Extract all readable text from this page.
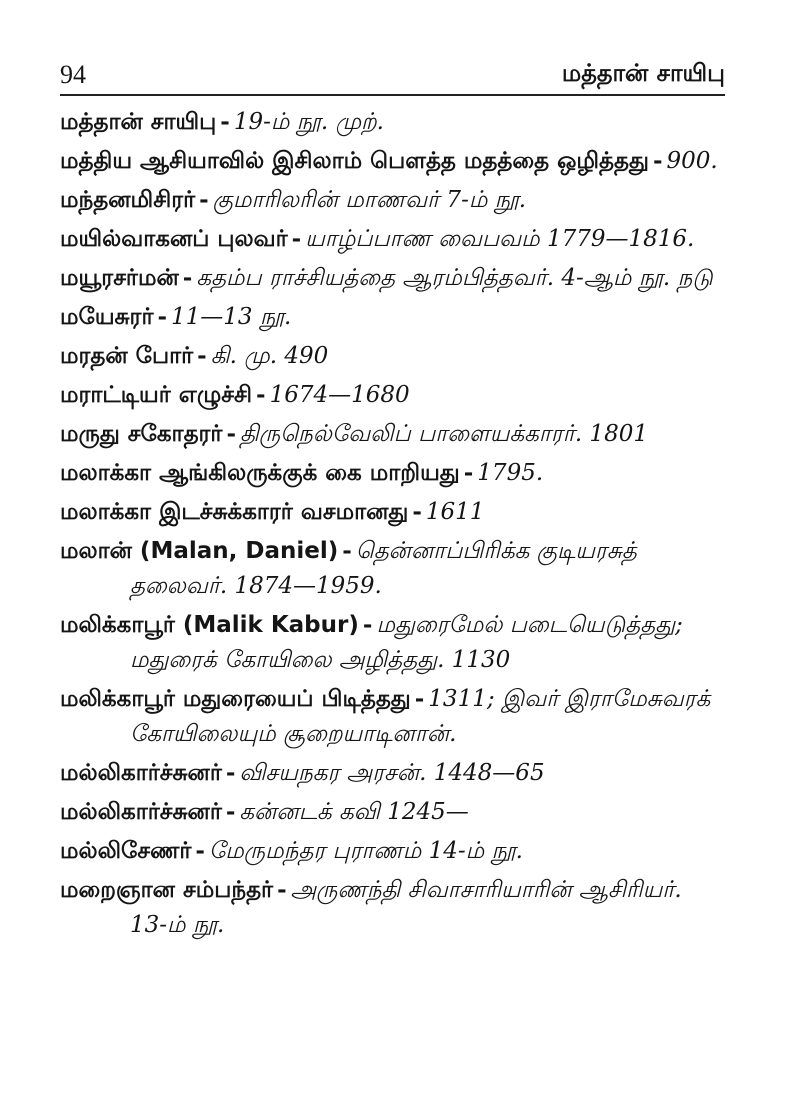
94	மத்தான் சாயிபு
மத்தான் சாயிபு - 19-ம் நூ. முற்.
மத்திய ஆசியாவில் இசிலாம் பௌத்த மதத்தை ஒழித்தது - 900.
மந்தனமிசிரர் - குமாரிலரின் மாணவர் 7-ம் நூ.
மயில்வாகனப் புலவர் - யாழ்ப்பாண வைபவம் 1779—1816.
மயூரசர்மன் - கதம்ப ராச்சியத்தை ஆரம்பித்தவர். 4-ஆம் நூ. நடு
மயேசுரர் - 11—13 நூ.
மரதன் போர் - கி. மு. 490
மராட்டியர் எழுச்சி - 1674—1680
மருது சகோதரர் - திருநெல்வேலிப் பாளையக்காரர். 1801
மலாக்கா ஆங்கிலருக்குக் கை மாறியது - 1795.
மலாக்கா இடச்சுக்காரர் வசமானது - 1611
மலான் (Malan, Daniel) - தென்னாப்பிரிக்க குடியரசுத் தலைவர். 1874—1959.
மலிக்காபூர் (Malik Kabur) - மதுரைமேல் படையெடுத்தது; மதுரைக் கோயிலை அழித்தது. 1130
மலிக்காபூர் மதுரையைப் பிடித்தது - 1311; இவர் இராமேசுவரக் கோயிலையும் சூறையாடினான்.
மல்லிகார்ச்சுனர் - விசயநகர அரசன். 1448—65
மல்லிகார்ச்சுனர் - கன்னடக் கவி 1245—
மல்லிசேணர் - மேருமந்தர புராணம் 14-ம் நூ.
மறைஞான சம்பந்தர் - அருணந்தி சிவாசாரியாரின் ஆசிரியர். 13-ம் நூ.
